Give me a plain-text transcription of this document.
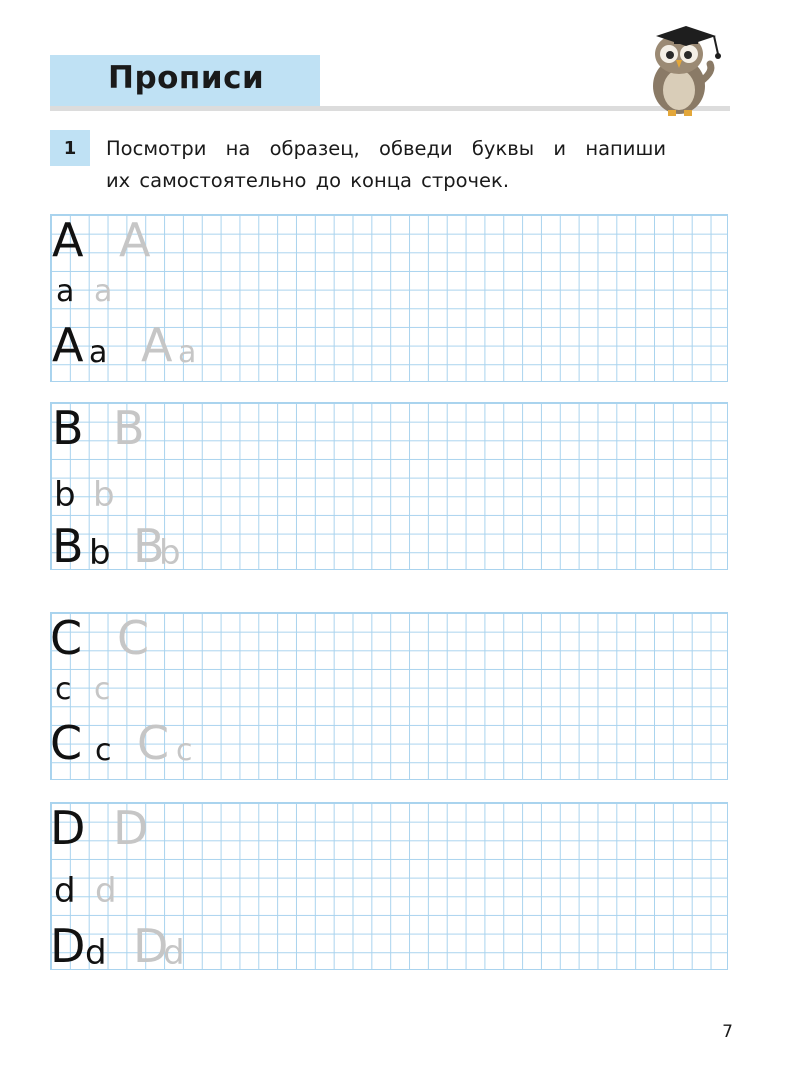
Прописи
1	Посмотри на образец, обведи буквы и напиши
их самостоятельно до конца строчек.
A A
a a
A a A a
B B
b b
B b B
b
C C
c c
C c C c
D D
d d
D d D
d
7
